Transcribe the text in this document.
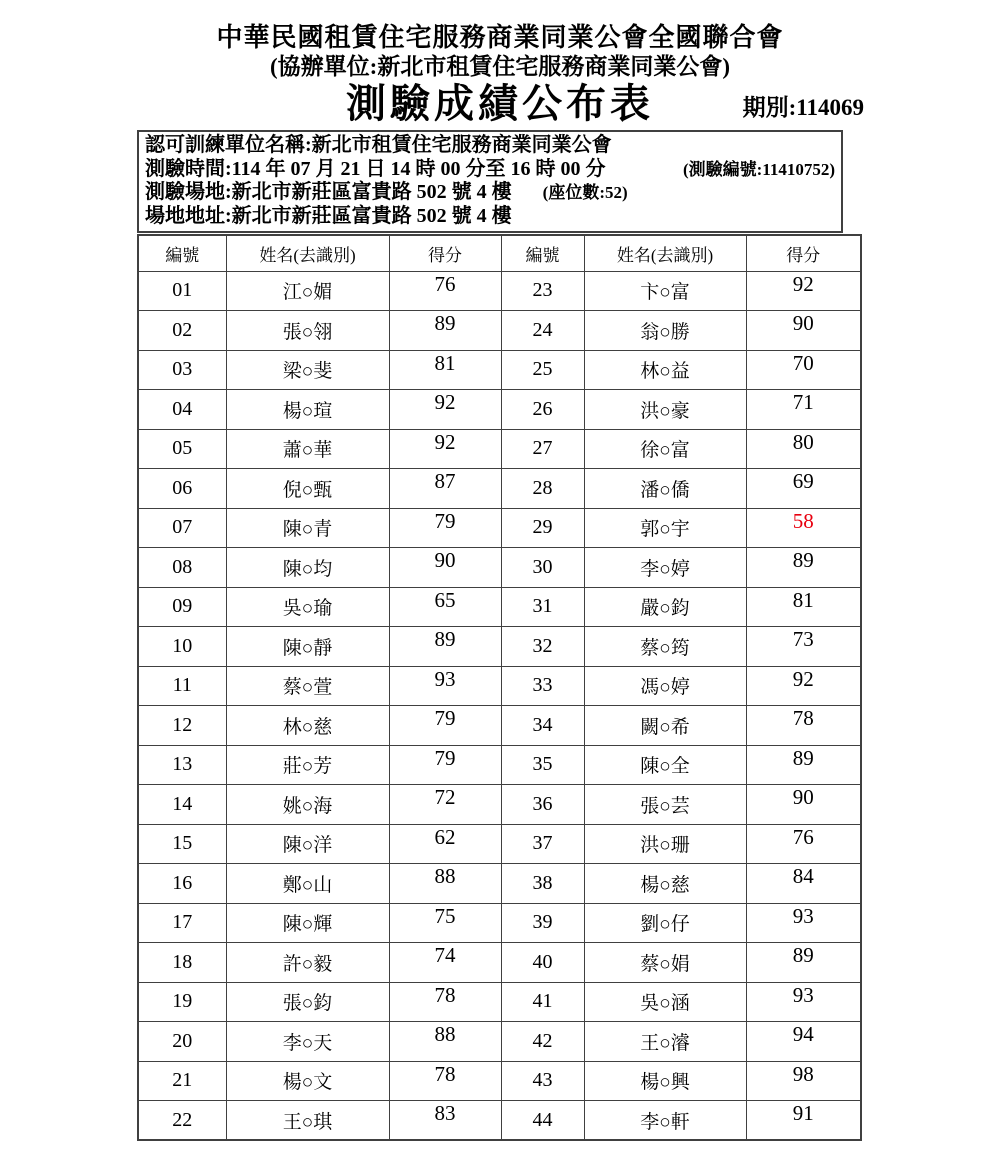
中華民國租賃住宅服務商業同業公會全國聯合會
(協辦單位:新北市租賃住宅服務商業同業公會)
測驗成績公布表	期別:114069
認可訓練單位名稱:新北市租賃住宅服務商業同業公會
測驗時間:114 年 07 月 21 日 14 時 00 分至 16 時 00 分	(測驗編號:11410752)
測驗場地:新北市新莊區富貴路 502 號 4 樓 (座位數:52)
場地地址:新北市新莊區富貴路 502 號 4 樓
編號	姓名(去識別)	得分	編號	姓名(去識別)	得分
01	江○媚	76	23	卞○富	92
02	張○翎	89	24	翁○勝	90
03	梁○斐	81	25	林○益	70
04	楊○瑄	92	26	洪○豪	71
05	蕭○華	92	27	徐○富	80
06	倪○甄	87	28	潘○僑	69
07	陳○青	79	29	郭○宇	58
08	陳○均	90	30	李○婷	89
09	吳○瑜	65	31	嚴○鈞	81
10	陳○靜	89	32	蔡○筠	73
11	蔡○萱	93	33	馮○婷	92
12	林○慈	79	34	闕○希	78
13	莊○芳	79	35	陳○全	89
14	姚○海	72	36	張○芸	90
15	陳○洋	62	37	洪○珊	76
16	鄭○山	88	38	楊○慈	84
17	陳○輝	75	39	劉○仔	93
18	許○毅	74	40	蔡○娟	89
19	張○鈞	78	41	吳○涵	93
20	李○天	88	42	王○濬	94
21	楊○文	78	43	楊○興	98
22	王○琪	83	44	李○軒	91
